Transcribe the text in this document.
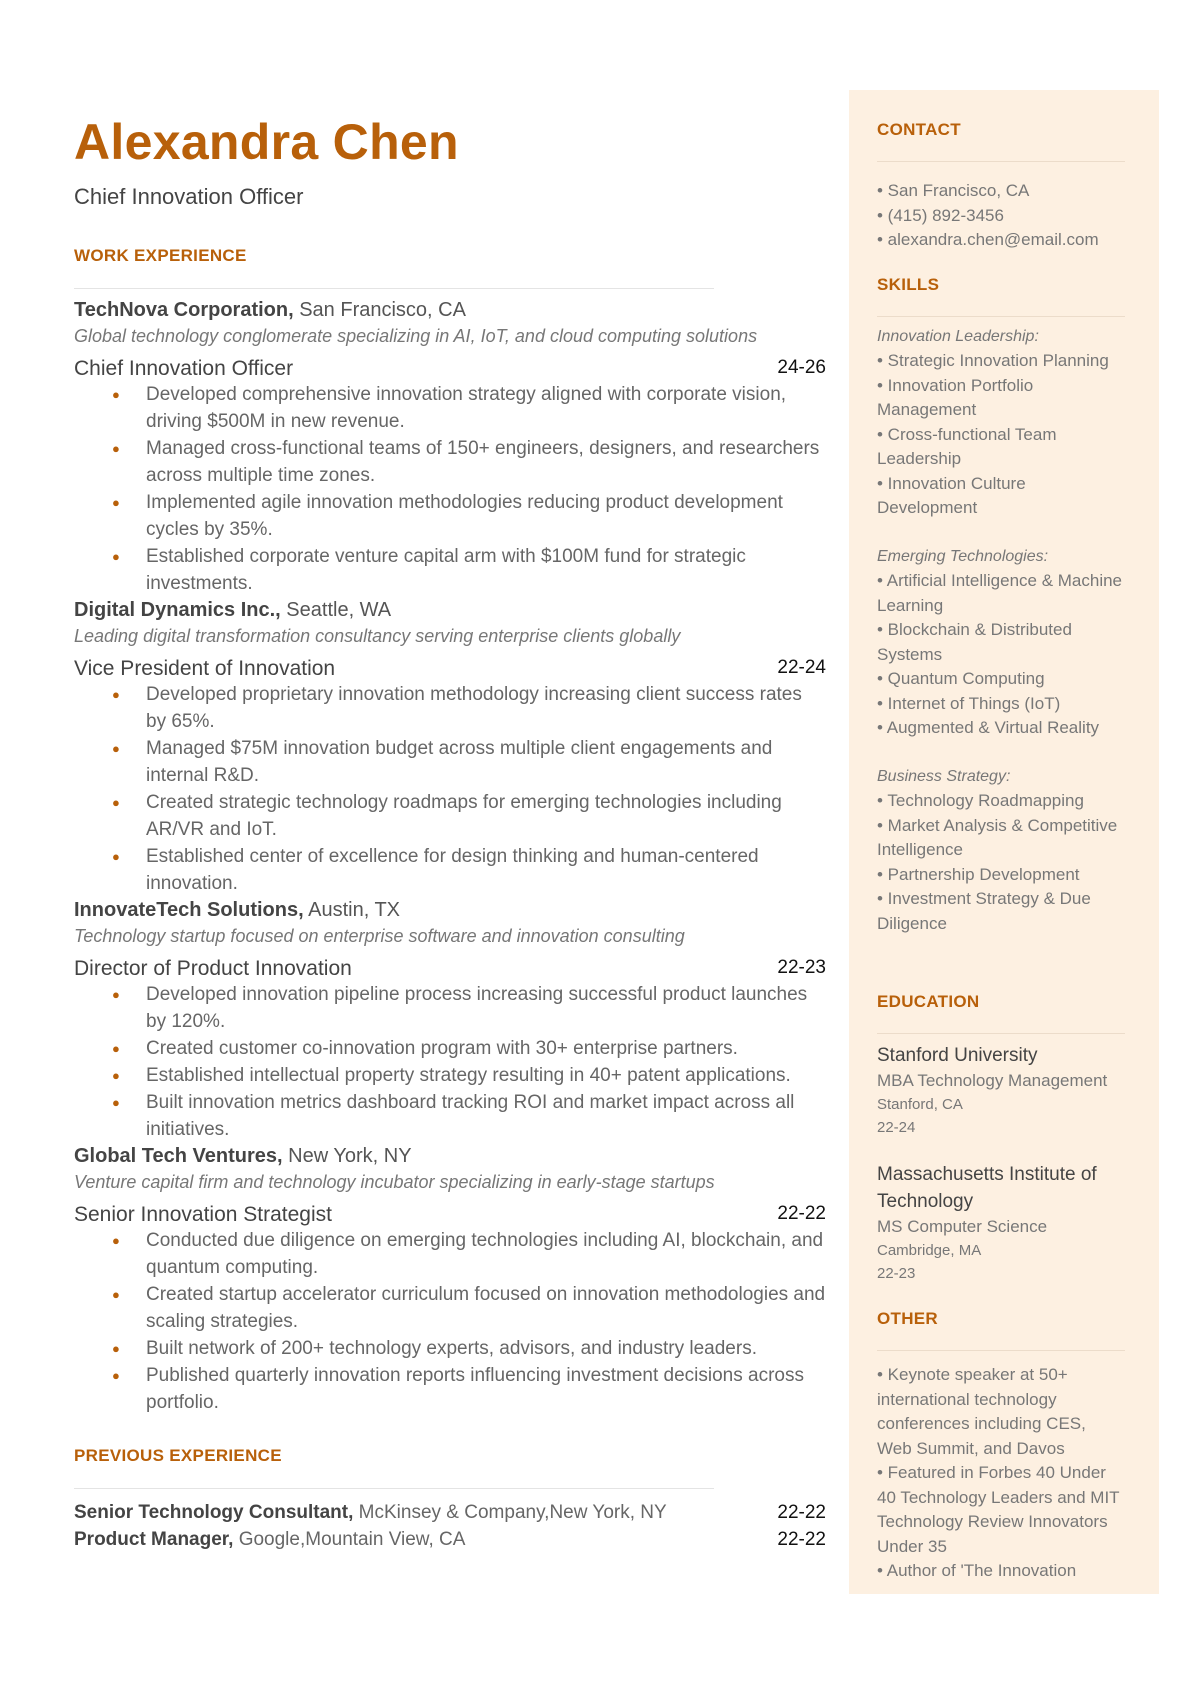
Alexandra Chen
Chief Innovation Officer
WORK EXPERIENCE
TechNova Corporation, San Francisco, CA
Global technology conglomerate specializing in AI, IoT, and cloud computing solutions
Chief Innovation Officer	24-26
● Developed comprehensive innovation strategy aligned with corporate vision, driving $500M in new revenue.
● Managed cross-functional teams of 150+ engineers, designers, and researchers across multiple time zones.
● Implemented agile innovation methodologies reducing product development cycles by 35%.
● Established corporate venture capital arm with $100M fund for strategic investments.
Digital Dynamics Inc., Seattle, WA
Leading digital transformation consultancy serving enterprise clients globally
Vice President of Innovation	22-24
● Developed proprietary innovation methodology increasing client success rates by 65%.
● Managed $75M innovation budget across multiple client engagements and internal R&D.
● Created strategic technology roadmaps for emerging technologies including AR/VR and IoT.
● Established center of excellence for design thinking and human-centered innovation.
InnovateTech Solutions, Austin, TX
Technology startup focused on enterprise software and innovation consulting
Director of Product Innovation	22-23
● Developed innovation pipeline process increasing successful product launches by 120%.
● Created customer co-innovation program with 30+ enterprise partners.
● Established intellectual property strategy resulting in 40+ patent applications.
● Built innovation metrics dashboard tracking ROI and market impact across all initiatives.
Global Tech Ventures, New York, NY
Venture capital firm and technology incubator specializing in early-stage startups
Senior Innovation Strategist	22-22
● Conducted due diligence on emerging technologies including AI, blockchain, and quantum computing.
● Created startup accelerator curriculum focused on innovation methodologies and scaling strategies.
● Built network of 200+ technology experts, advisors, and industry leaders.
● Published quarterly innovation reports influencing investment decisions across portfolio.
PREVIOUS EXPERIENCE
Senior Technology Consultant, McKinsey & Company,New York, NY	22-22
Product Manager, Google,Mountain View, CA	22-22
CONTACT
• San Francisco, CA
• (415) 892-3456
• alexandra.chen@email.com
SKILLS
Innovation Leadership:
• Strategic Innovation Planning
• Innovation Portfolio Management
• Cross-functional Team Leadership
• Innovation Culture Development
Emerging Technologies:
• Artificial Intelligence & Machine Learning
• Blockchain & Distributed Systems
• Quantum Computing
• Internet of Things (IoT)
• Augmented & Virtual Reality
Business Strategy:
• Technology Roadmapping
• Market Analysis & Competitive Intelligence
• Partnership Development
• Investment Strategy & Due Diligence
EDUCATION
Stanford University
MBA Technology Management
Stanford, CA
22-24
Massachusetts Institute of Technology
MS Computer Science
Cambridge, MA
22-23
OTHER
• Keynote speaker at 50+ international technology conferences including CES, Web Summit, and Davos
• Featured in Forbes 40 Under 40 Technology Leaders and MIT Technology Review Innovators Under 35
• Author of 'The Innovation
